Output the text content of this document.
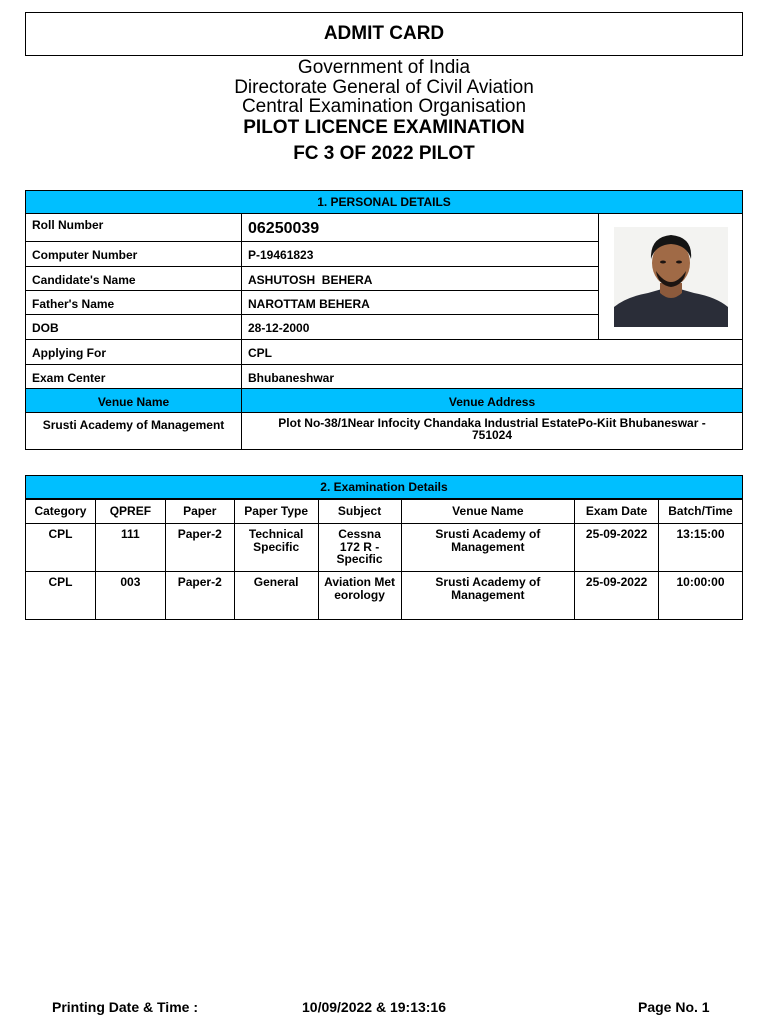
ADMIT CARD
Government of India
Directorate General of Civil Aviation
Central Examination Organisation
PILOT LICENCE EXAMINATION
FC 3 OF 2022 PILOT
1. PERSONAL DETAILS
Roll Number	06250039
Computer Number	P-19461823
Candidate's Name	ASHUTOSH  BEHERA
Father's Name	NAROTTAM BEHERA
DOB	28-12-2000
Applying For	CPL
Exam Center	Bhubaneshwar
Venue Name	Venue Address
Srusti Academy of Management	Plot No-38/1Near Infocity Chandaka Industrial EstatePo-Kiit Bhubaneswar - 751024
2. Examination Details
Category	QPREF	Paper	Paper Type	Subject	Venue Name	Exam Date	Batch/Time
CPL	111	Paper-2	Technical Specific	Cessna 172 R - Specific	Srusti Academy of Management	25-09-2022	13:15:00
CPL	003	Paper-2	General	Aviation Meteorology	Srusti Academy of Management	25-09-2022	10:00:00
Printing Date & Time :	10/09/2022 & 19:13:16	Page No. 1
